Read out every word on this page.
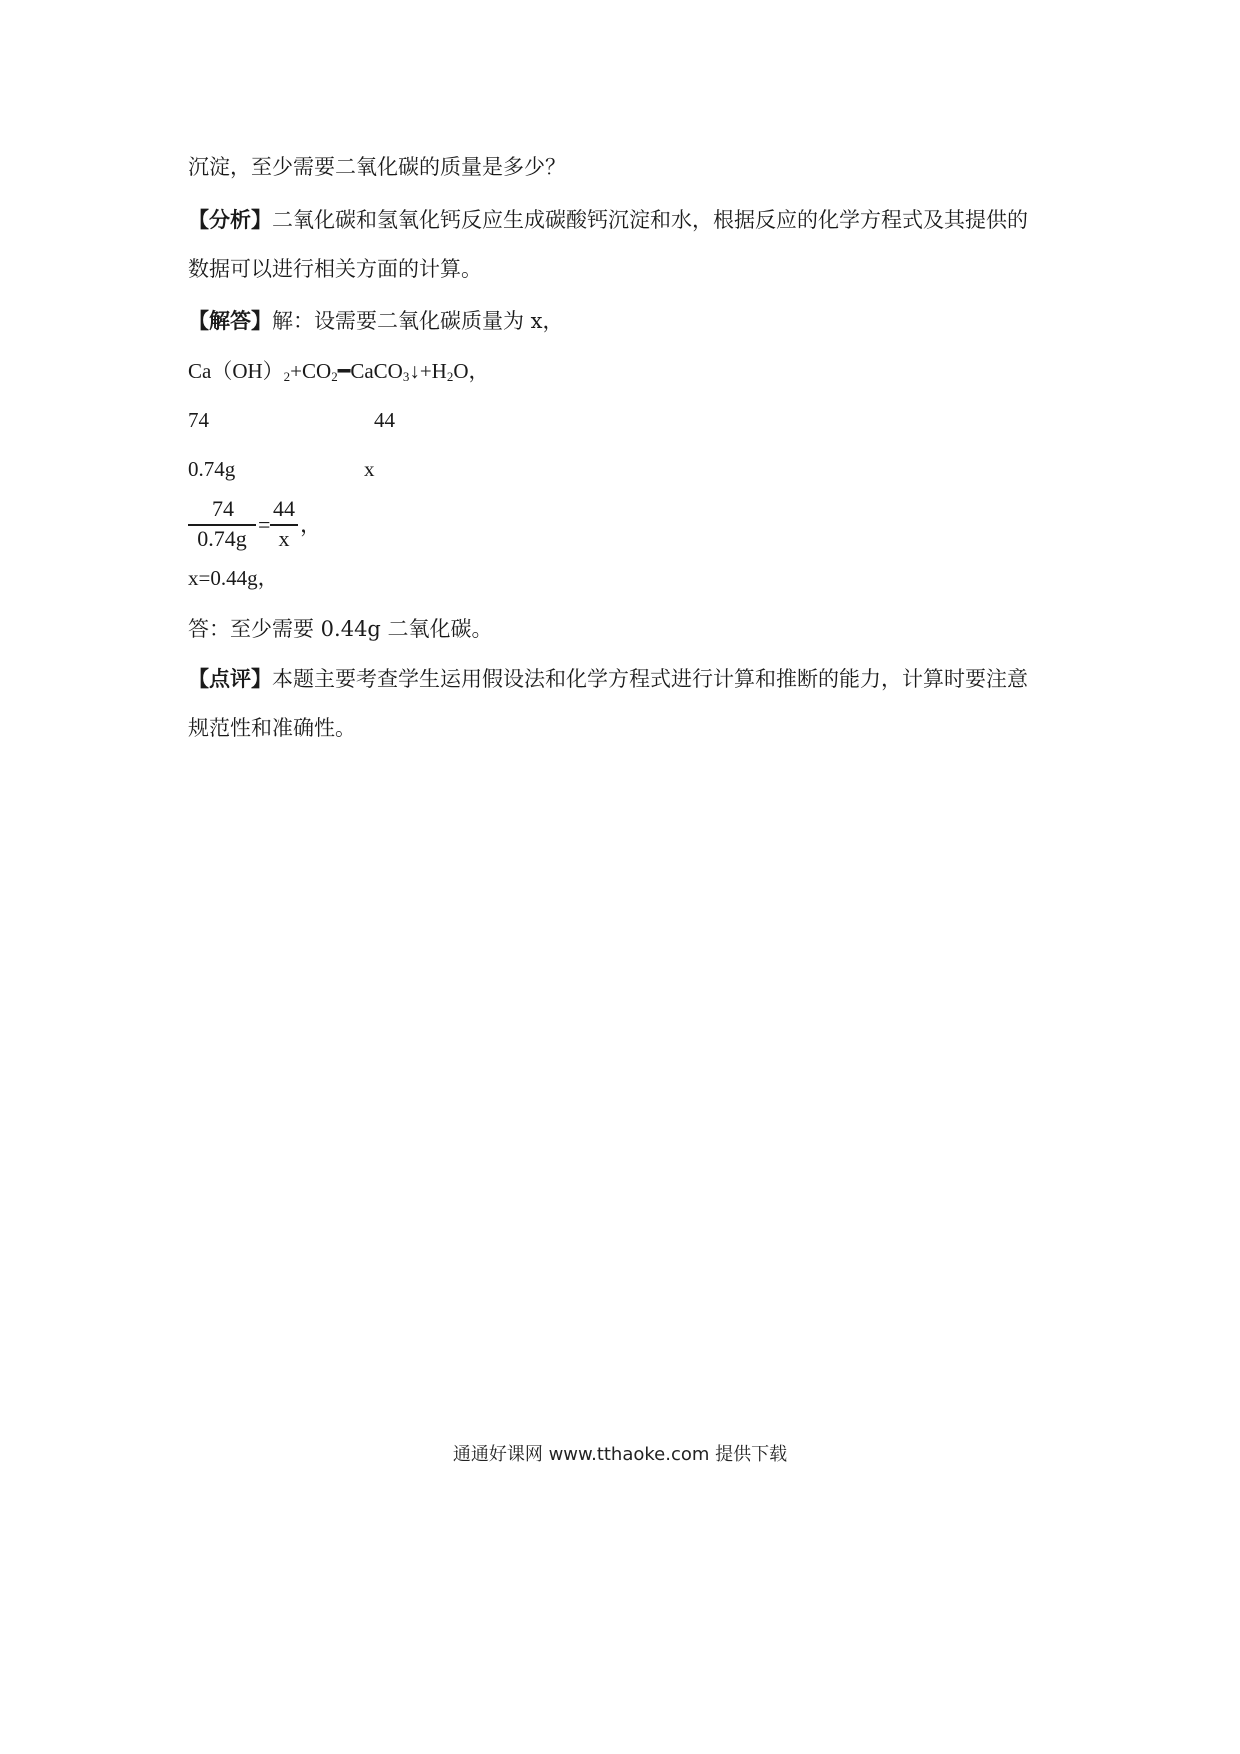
沉淀，至少需要二氧化碳的质量是多少？
【分析】二氧化碳和氢氧化钙反应生成碳酸钙沉淀和水，根据反应的化学方程式及其提供的
数据可以进行相关方面的计算。
【解答】解：设需要二氧化碳质量为 x，
$Ca(OH)_2+CO_2━CaCO_3↓+H_2O$，
74	44
0.74g	x
74
0.74g
=
44
x
，
x=0.44g，
答：至少需要 0.44g 二氧化碳。
【点评】本题主要考查学生运用假设法和化学方程式进行计算和推断的能力，计算时要注意
规范性和准确性。
通通好课网 www.tthaoke.com 提供下载
